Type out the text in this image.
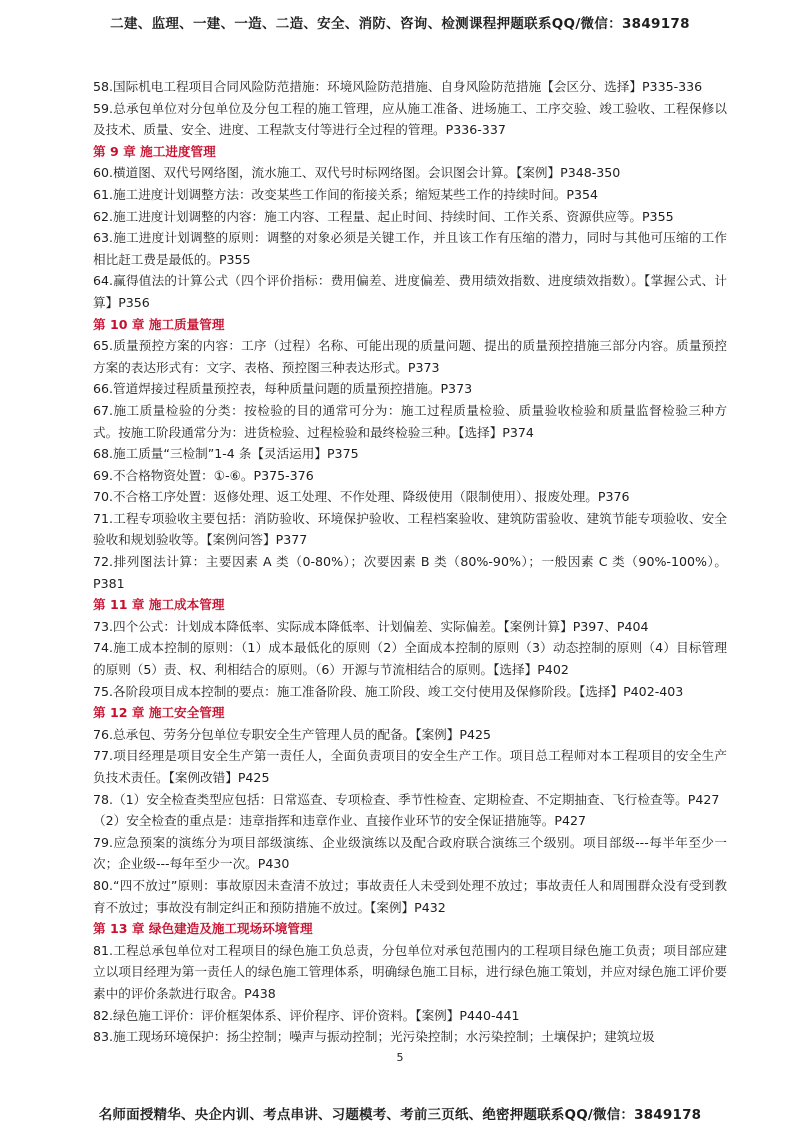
二建、监理、一建、一造、二造、安全、消防、咨询、检测课程押题联系QQ/微信：3849178

58.国际机电工程项目合同风险防范措施：环境风险防范措施、自身风险防范措施【会区分、选择】P335-336

59.总承包单位对分包单位及分包工程的施工管理，应从施工准备、进场施工、工序交验、竣工验收、工程保修以及技术、质量、安全、进度、工程款支付等进行全过程的管理。P336-337

第 9 章 施工进度管理

60.横道图、双代号网络图，流水施工、双代号时标网络图。会识图会计算。【案例】P348-350

61.施工进度计划调整方法：改变某些工作间的衔接关系；缩短某些工作的持续时间。P354

62.施工进度计划调整的内容：施工内容、工程量、起止时间、持续时间、工作关系、资源供应等。P355

63.施工进度计划调整的原则：调整的对象必须是关键工作，并且该工作有压缩的潜力，同时与其他可压缩的工作相比赶工费是最低的。P355

64.赢得值法的计算公式（四个评价指标：费用偏差、进度偏差、费用绩效指数、进度绩效指数）。【掌握公式、计算】P356

第 10 章 施工质量管理

65.质量预控方案的内容：工序（过程）名称、可能出现的质量问题、提出的质量预控措施三部分内容。质量预控方案的表达形式有：文字、表格、预控图三种表达形式。P373

66.管道焊接过程质量预控表，每种质量问题的质量预控措施。P373

67.施工质量检验的分类：按检验的目的通常可分为：施工过程质量检验、质量验收检验和质量监督检验三种方式。按施工阶段通常分为：进货检验、过程检验和最终检验三种。【选择】P374

68.施工质量“三检制”1-4 条【灵活运用】P375

69.不合格物资处置：①-⑥。P375-376

70.不合格工序处置：返修处理、返工处理、不作处理、降级使用（限制使用）、报废处理。P376

71.工程专项验收主要包括：消防验收、环境保护验收、工程档案验收、建筑防雷验收、建筑节能专项验收、安全验收和规划验收等。【案例问答】P377

72.排列图法计算：主要因素 A 类（0-80%）；次要因素 B 类（80%-90%）；一般因素 C 类（90%-100%）。P381

第 11 章 施工成本管理

73.四个公式：计划成本降低率、实际成本降低率、计划偏差、实际偏差。【案例计算】P397、P404

74.施工成本控制的原则：（1）成本最低化的原则（2）全面成本控制的原则（3）动态控制的原则（4）目标管理的原则（5）责、权、利相结合的原则。（6）开源与节流相结合的原则。【选择】P402

75.各阶段项目成本控制的要点：施工准备阶段、施工阶段、竣工交付使用及保修阶段。【选择】P402-403

第 12 章 施工安全管理

76.总承包、劳务分包单位专职安全生产管理人员的配备。【案例】P425

77.项目经理是项目安全生产第一责任人，全面负责项目的安全生产工作。项目总工程师对本工程项目的安全生产负技术责任。【案例改错】P425

78.（1）安全检查类型应包括：日常巡查、专项检查、季节性检查、定期检查、不定期抽查、飞行检查等。P427

（2）安全检查的重点是：违章指挥和违章作业、直接作业环节的安全保证措施等。P427

79.应急预案的演练分为项目部级演练、企业级演练以及配合政府联合演练三个级别。项目部级---每半年至少一次；企业级---每年至少一次。P430

80.“四不放过”原则：事故原因未查清不放过；事故责任人未受到处理不放过；事故责任人和周围群众没有受到教育不放过；事故没有制定纠正和预防措施不放过。【案例】P432

第 13 章 绿色建造及施工现场环境管理

81.工程总承包单位对工程项目的绿色施工负总责，分包单位对承包范围内的工程项目绿色施工负责；项目部应建立以项目经理为第一责任人的绿色施工管理体系，明确绿色施工目标，进行绿色施工策划，并应对绿色施工评价要素中的评价条款进行取舍。P438

82.绿色施工评价：评价框架体系、评价程序、评价资料。【案例】P440-441

83.施工现场环境保护：扬尘控制；噪声与振动控制；光污染控制；水污染控制；土壤保护；建筑垃圾

5
名师面授精华、央企内训、考点串讲、习题模考、考前三页纸、绝密押题联系QQ/微信：3849178
